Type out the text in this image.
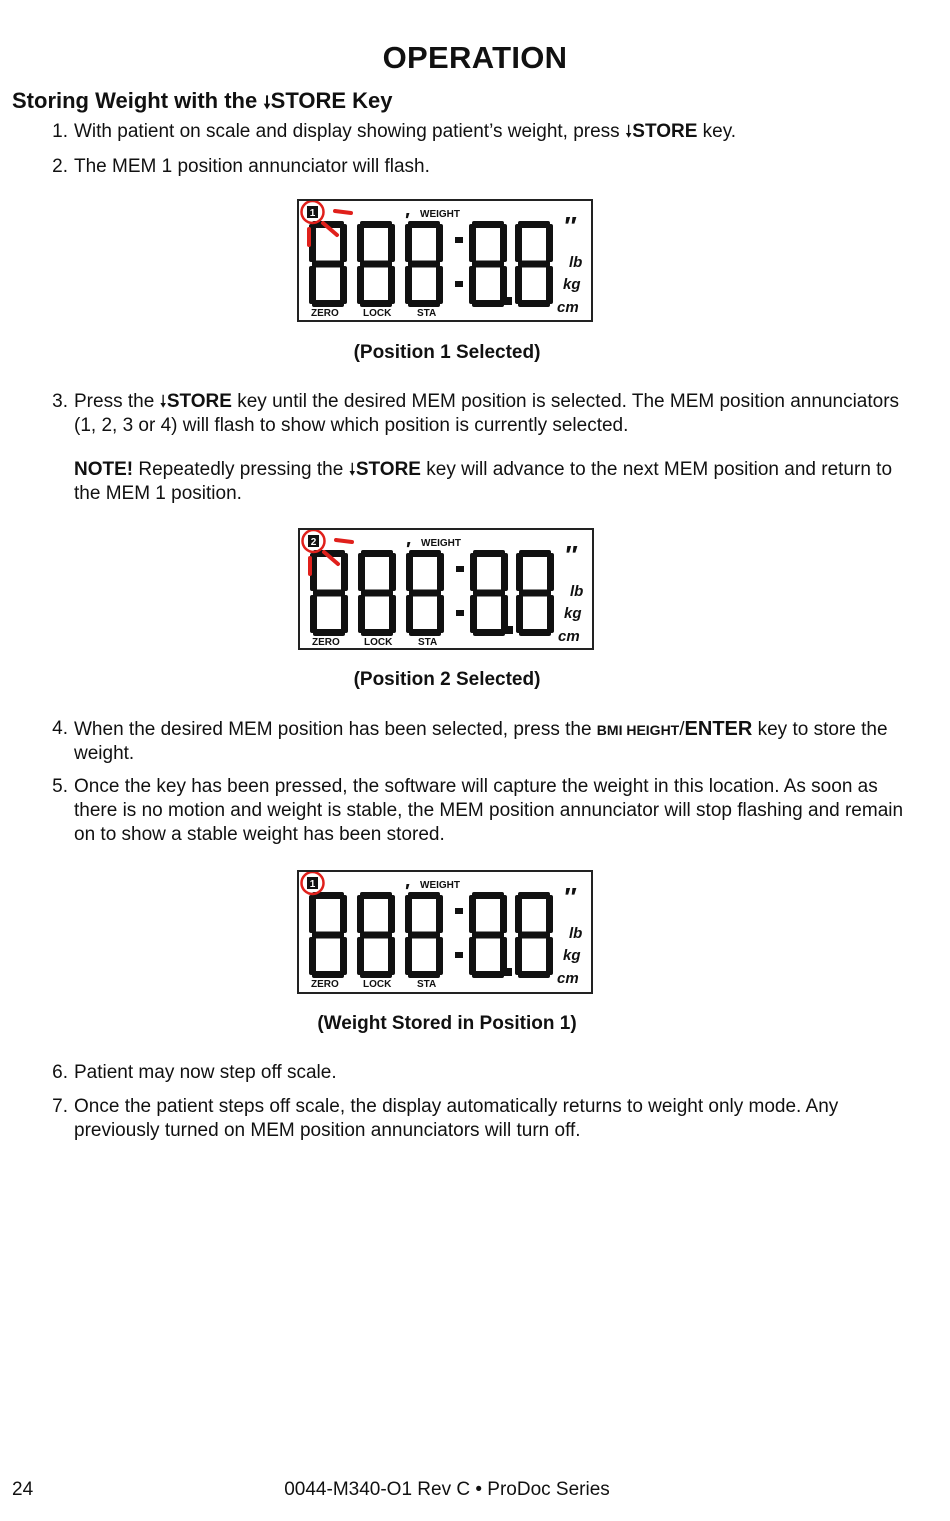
OPERATION
Storing Weight with the 🠗STORE Key
1. With patient on scale and display showing patient’s weight, press 🠗STORE key.
2. The MEM 1 position annunciator will flash.
1	WEIGHT
′	″
lb
kg
cm
ZERO LOCK	STA
(Position 1 Selected)
3. Press the 🠗STORE key until the desired MEM position is selected. The MEM position annunciators (1, 2, 3 or 4) will flash to show which position is currently selected.
NOTE! Repeatedly pressing the 🠗STORE key will advance to the next MEM position and return to the MEM 1 position.
2	WEIGHT
′	″
lb
kg
cm
ZERO LOCK	STA
(Position 2 Selected)
4. When the desired MEM position has been selected, press the BMI HEIGHT/ENTER key to store the weight.
5. Once the key has been pressed, the software will capture the weight in this location. As soon as there is no motion and weight is stable, the MEM position annunciator will stop flashing and remain on to show a stable weight has been stored.
1	WEIGHT
′	″
lb
kg
cm
ZERO LOCK	STA
(Weight Stored in Position 1)
6. Patient may now step off scale.
7. Once the patient steps off scale, the display automatically returns to weight only mode. Any previously turned on MEM position annunciators will turn off.
24	0044-M340-O1 Rev C • ProDoc Series
